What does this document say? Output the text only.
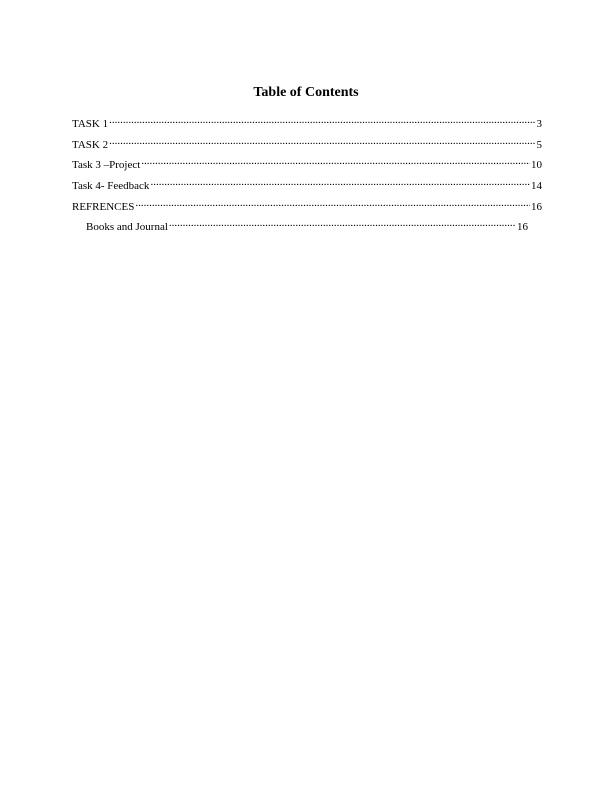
Table of Contents
TASK 1 .....	3
TASK 2 .....	5
Task 3 –Project .....	10
Task 4- Feedback .....	14
REFRENCES .....	16
Books and Journal .....	16
